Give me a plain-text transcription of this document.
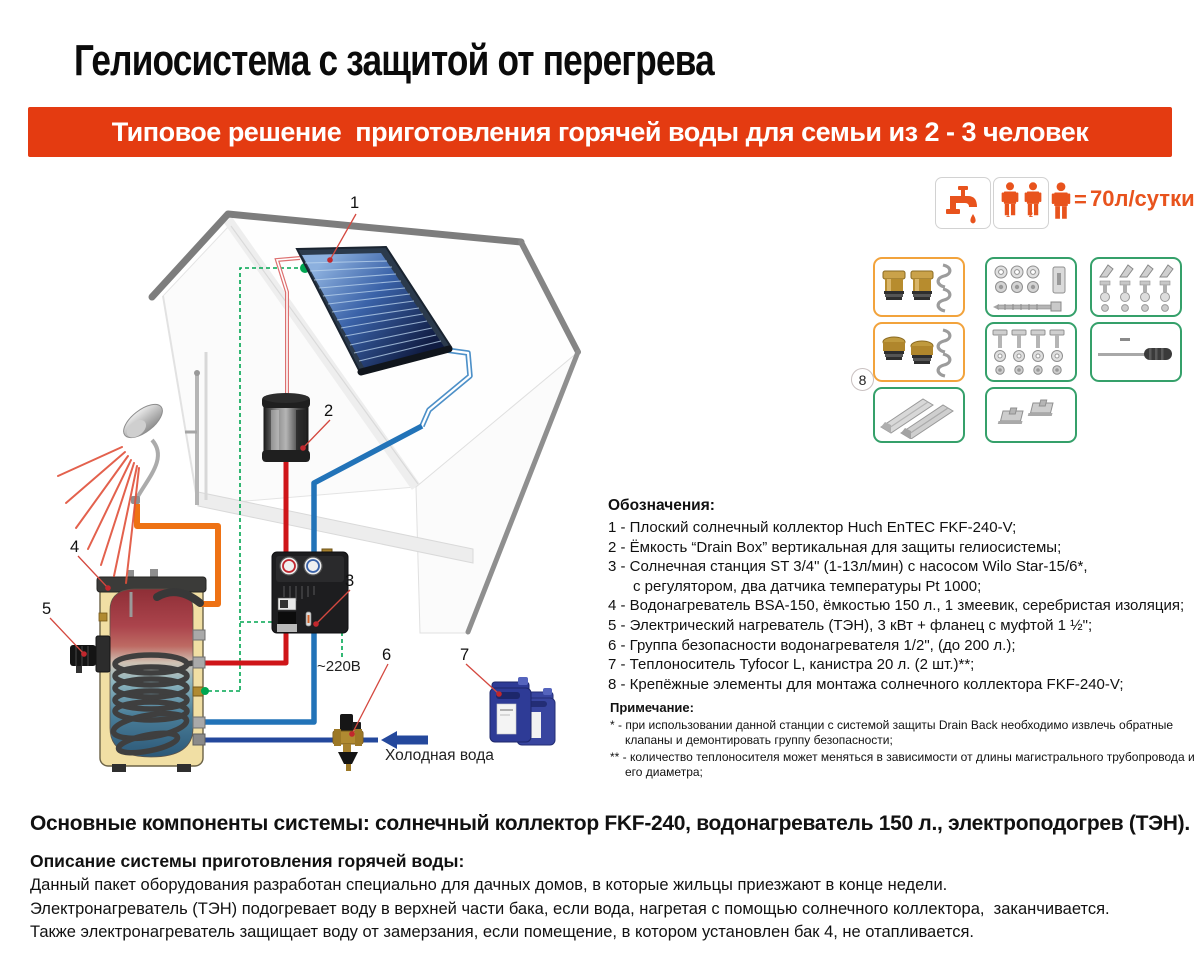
Гелиосистема с защитой от перегрева
Типовое решение  приготовления горячей воды для семьи из 2 - 3 человек
1	2
= 70л/сутки
8
1
2
3
4
5
6	7
~220В
Холодная вода
Обозначения:
1 - Плоский солнечный коллектор Huch EnTEC FKF-240-V;
2 - Ёмкость “Drain Box” вертикальная для защиты гелиосистемы;
3 - Солнечная станция ST 3/4" (1-13л/мин) с насосом Wilo Star-15/6*,
с регулятором, два датчика температуры Pt 1000;
4 - Водонагреватель BSA-150, ёмкостью 150 л., 1 змеевик, серебристая изоляция;
5 - Электрический нагреватель (ТЭН), 3 кВт + фланец с муфтой 1 ½";
6 - Группа безопасности водонагревателя 1/2", (до 200 л.);
7 - Теплоноситель Tyfocor L, канистра 20 л. (2 шт.)**;
8 - Крепёжные элементы для монтажа солнечного коллектора FKF-240-V;
Примечание:
* - при использовании данной станции с системой защиты Drain Back необходимо извлечь обратные клапаны и демонтировать группу безопасности;
** - количество теплоносителя может меняться в зависимости от длины магистрального трубопровода и его диаметра;
Основные компоненты системы: солнечный коллектор FKF-240, водонагреватель 150 л., электроподогрев (ТЭН).
Описание системы приготовления горячей воды:
Данный пакет оборудования разработан специально для дачных домов, в которые жильцы приезжают в конце недели.
Электронагреватель (ТЭН) подогревает воду в верхней части бака, если вода, нагретая с помощью солнечного коллектора,  заканчивается.
Также электронагреватель защищает воду от замерзания, если помещение, в котором установлен бак 4, не отапливается.
